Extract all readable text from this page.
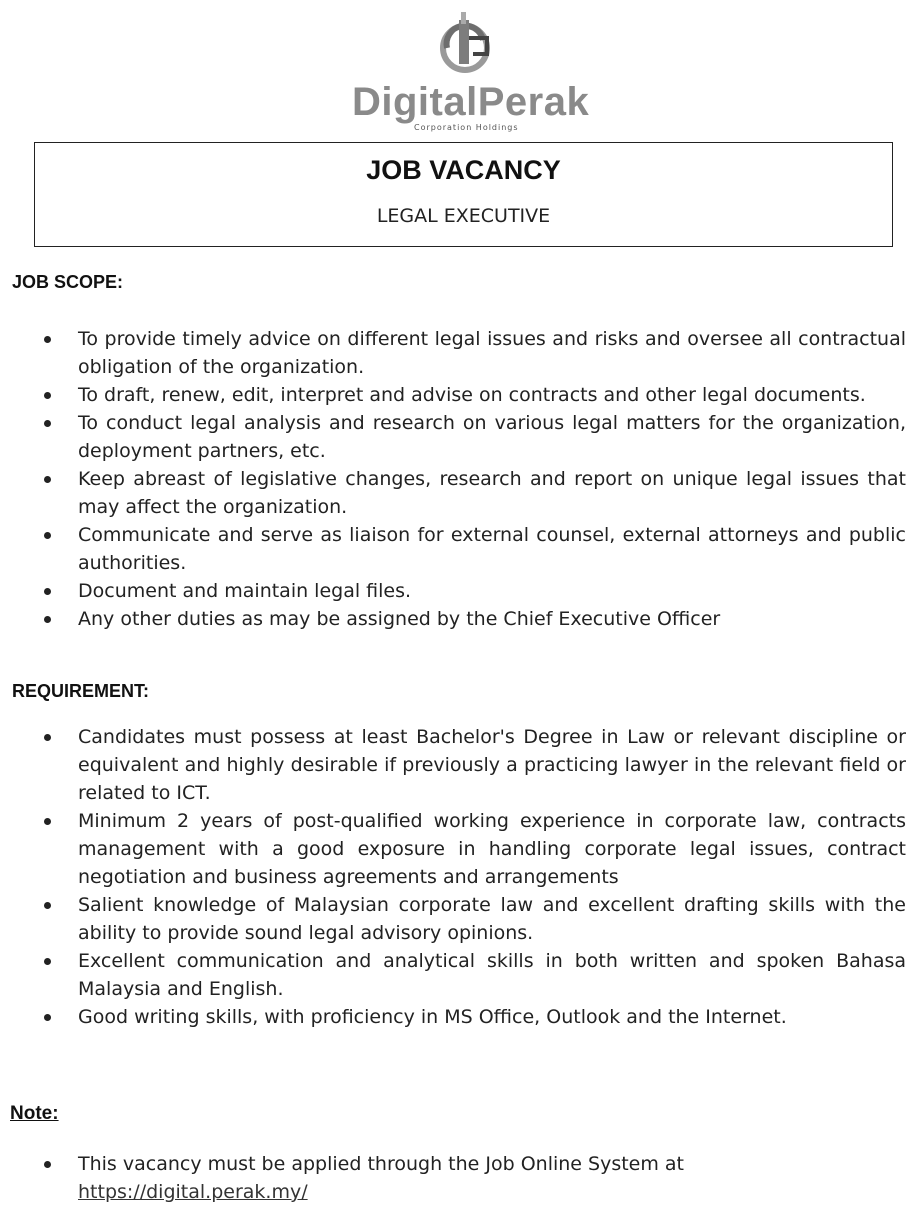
DigitalPerak
Corporation Holdings
JOB VACANCY
LEGAL EXECUTIVE
JOB SCOPE:
To provide timely advice on different legal issues and risks and oversee all contractual obligation of the organization.
To draft, renew, edit, interpret and advise on contracts and other legal documents.
To conduct legal analysis and research on various legal matters for the organization, deployment partners, etc.
Keep abreast of legislative changes, research and report on unique legal issues that may affect the organization.
Communicate and serve as liaison for external counsel, external attorneys and public authorities.
Document and maintain legal files.
Any other duties as may be assigned by the Chief Executive Officer
REQUIREMENT:
Candidates must possess at least Bachelor's Degree in Law or relevant discipline or equivalent and highly desirable if previously a practicing lawyer in the relevant field or related to ICT.
Minimum 2 years of post-qualified working experience in corporate law, contracts management with a good exposure in handling corporate legal issues, contract negotiation and business agreements and arrangements
Salient knowledge of Malaysian corporate law and excellent drafting skills with the ability to provide sound legal advisory opinions.
Excellent communication and analytical skills in both written and spoken Bahasa Malaysia and English.
Good writing skills, with proficiency in MS Office, Outlook and the Internet.
Note:
This vacancy must be applied through the Job Online System at
https://digital.perak.my/
